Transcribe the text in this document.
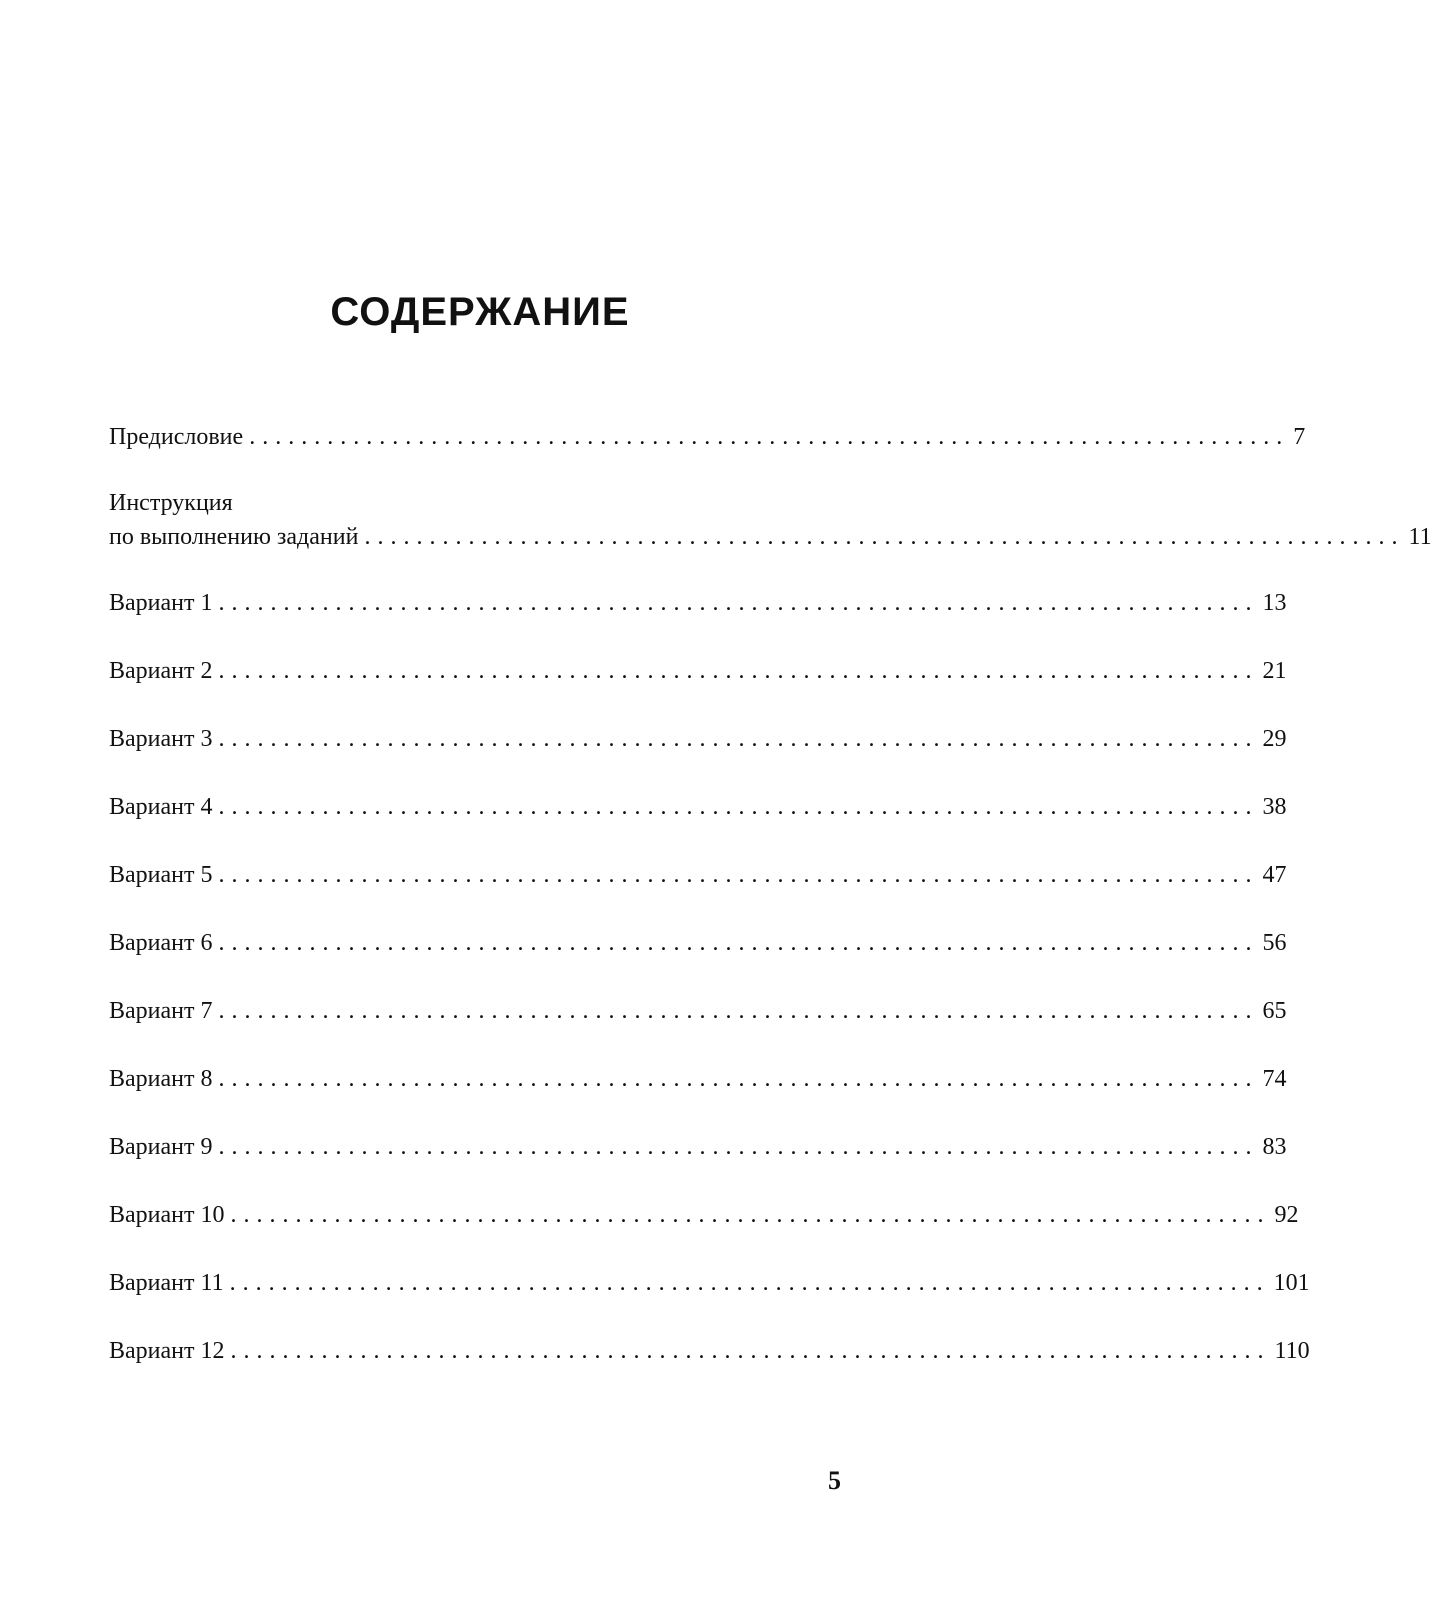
СОДЕРЖАНИЕ
Предисловие ................................................................................ 7
Инструкция
по выполнению заданий ................................................................................ 11
Вариант 1 ................................................................................ 13
Вариант 2 ................................................................................ 21
Вариант 3 ................................................................................ 29
Вариант 4 ................................................................................ 38
Вариант 5 ................................................................................ 47
Вариант 6 ................................................................................ 56
Вариант 7 ................................................................................ 65
Вариант 8 ................................................................................ 74
Вариант 9 ................................................................................ 83
Вариант 10 ................................................................................ 92
Вариант 11 ................................................................................ 101
Вариант 12 ................................................................................ 110
5
